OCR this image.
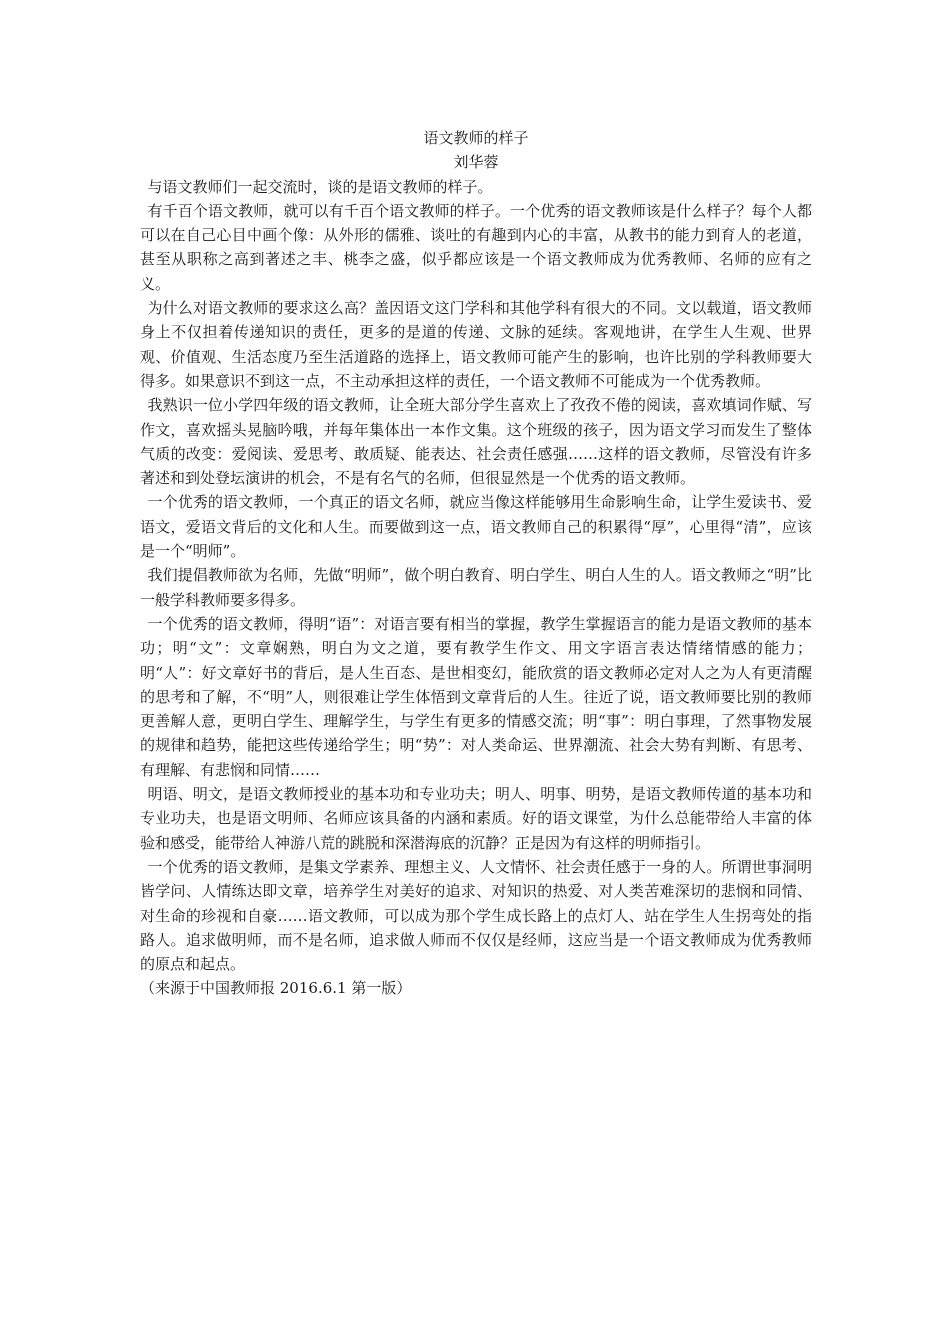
语文教师的样子

刘华蓉

与语文教师们一起交流时，谈的是语文教师的样子。

有千百个语文教师，就可以有千百个语文教师的样子。一个优秀的语文教师该是什么样子？每个人都可以在自己心目中画个像：从外形的儒雅、谈吐的有趣到内心的丰富，从教书的能力到育人的老道，甚至从职称之高到著述之丰、桃李之盛，似乎都应该是一个语文教师成为优秀教师、名师的应有之义。

为什么对语文教师的要求这么高？盖因语文这门学科和其他学科有很大的不同。文以载道，语文教师身上不仅担着传递知识的责任，更多的是道的传递、文脉的延续。客观地讲，在学生人生观、世界观、价值观、生活态度乃至生活道路的选择上，语文教师可能产生的影响，也许比别的学科教师要大得多。如果意识不到这一点，不主动承担这样的责任，一个语文教师不可能成为一个优秀教师。

我熟识一位小学四年级的语文教师，让全班大部分学生喜欢上了孜孜不倦的阅读，喜欢填词作赋、写作文，喜欢摇头晃脑吟哦，并每年集体出一本作文集。这个班级的孩子，因为语文学习而发生了整体气质的改变：爱阅读、爱思考、敢质疑、能表达、社会责任感强……这样的语文教师，尽管没有许多著述和到处登坛演讲的机会，不是有名气的名师，但很显然是一个优秀的语文教师。

一个优秀的语文教师，一个真正的语文名师，就应当像这样能够用生命影响生命，让学生爱读书、爱语文，爱语文背后的文化和人生。而要做到这一点，语文教师自己的积累得“厚”，心里得“清”，应该是一个“明师”。

我们提倡教师欲为名师，先做“明师”，做个明白教育、明白学生、明白人生的人。语文教师之“明”比一般学科教师要多得多。

一个优秀的语文教师，得明“语”：对语言要有相当的掌握，教学生掌握语言的能力是语文教师的基本功；明“文”：文章娴熟，明白为文之道，要有教学生作文、用文字语言表达情绪情感的能力；明“人”：好文章好书的背后，是人生百态、是世相变幻，能欣赏的语文教师必定对人之为人有更清醒的思考和了解，不“明”人，则很难让学生体悟到文章背后的人生。往近了说，语文教师要比别的教师更善解人意，更明白学生、理解学生，与学生有更多的情感交流；明“事”：明白事理，了然事物发展的规律和趋势，能把这些传递给学生；明“势”：对人类命运、世界潮流、社会大势有判断、有思考、有理解、有悲悯和同情……

明语、明文，是语文教师授业的基本功和专业功夫；明人、明事、明势，是语文教师传道的基本功和专业功夫，也是语文明师、名师应该具备的内涵和素质。好的语文课堂，为什么总能带给人丰富的体验和感受，能带给人神游八荒的跳脱和深潜海底的沉静？正是因为有这样的明师指引。

一个优秀的语文教师，是集文学素养、理想主义、人文情怀、社会责任感于一身的人。所谓世事洞明皆学问、人情练达即文章，培养学生对美好的追求、对知识的热爱、对人类苦难深切的悲悯和同情、对生命的珍视和自豪……语文教师，可以成为那个学生成长路上的点灯人、站在学生人生拐弯处的指路人。追求做明师，而不是名师，追求做人师而不仅仅是经师，这应当是一个语文教师成为优秀教师的原点和起点。

（来源于中国教师报 2016.6.1 第一版）
